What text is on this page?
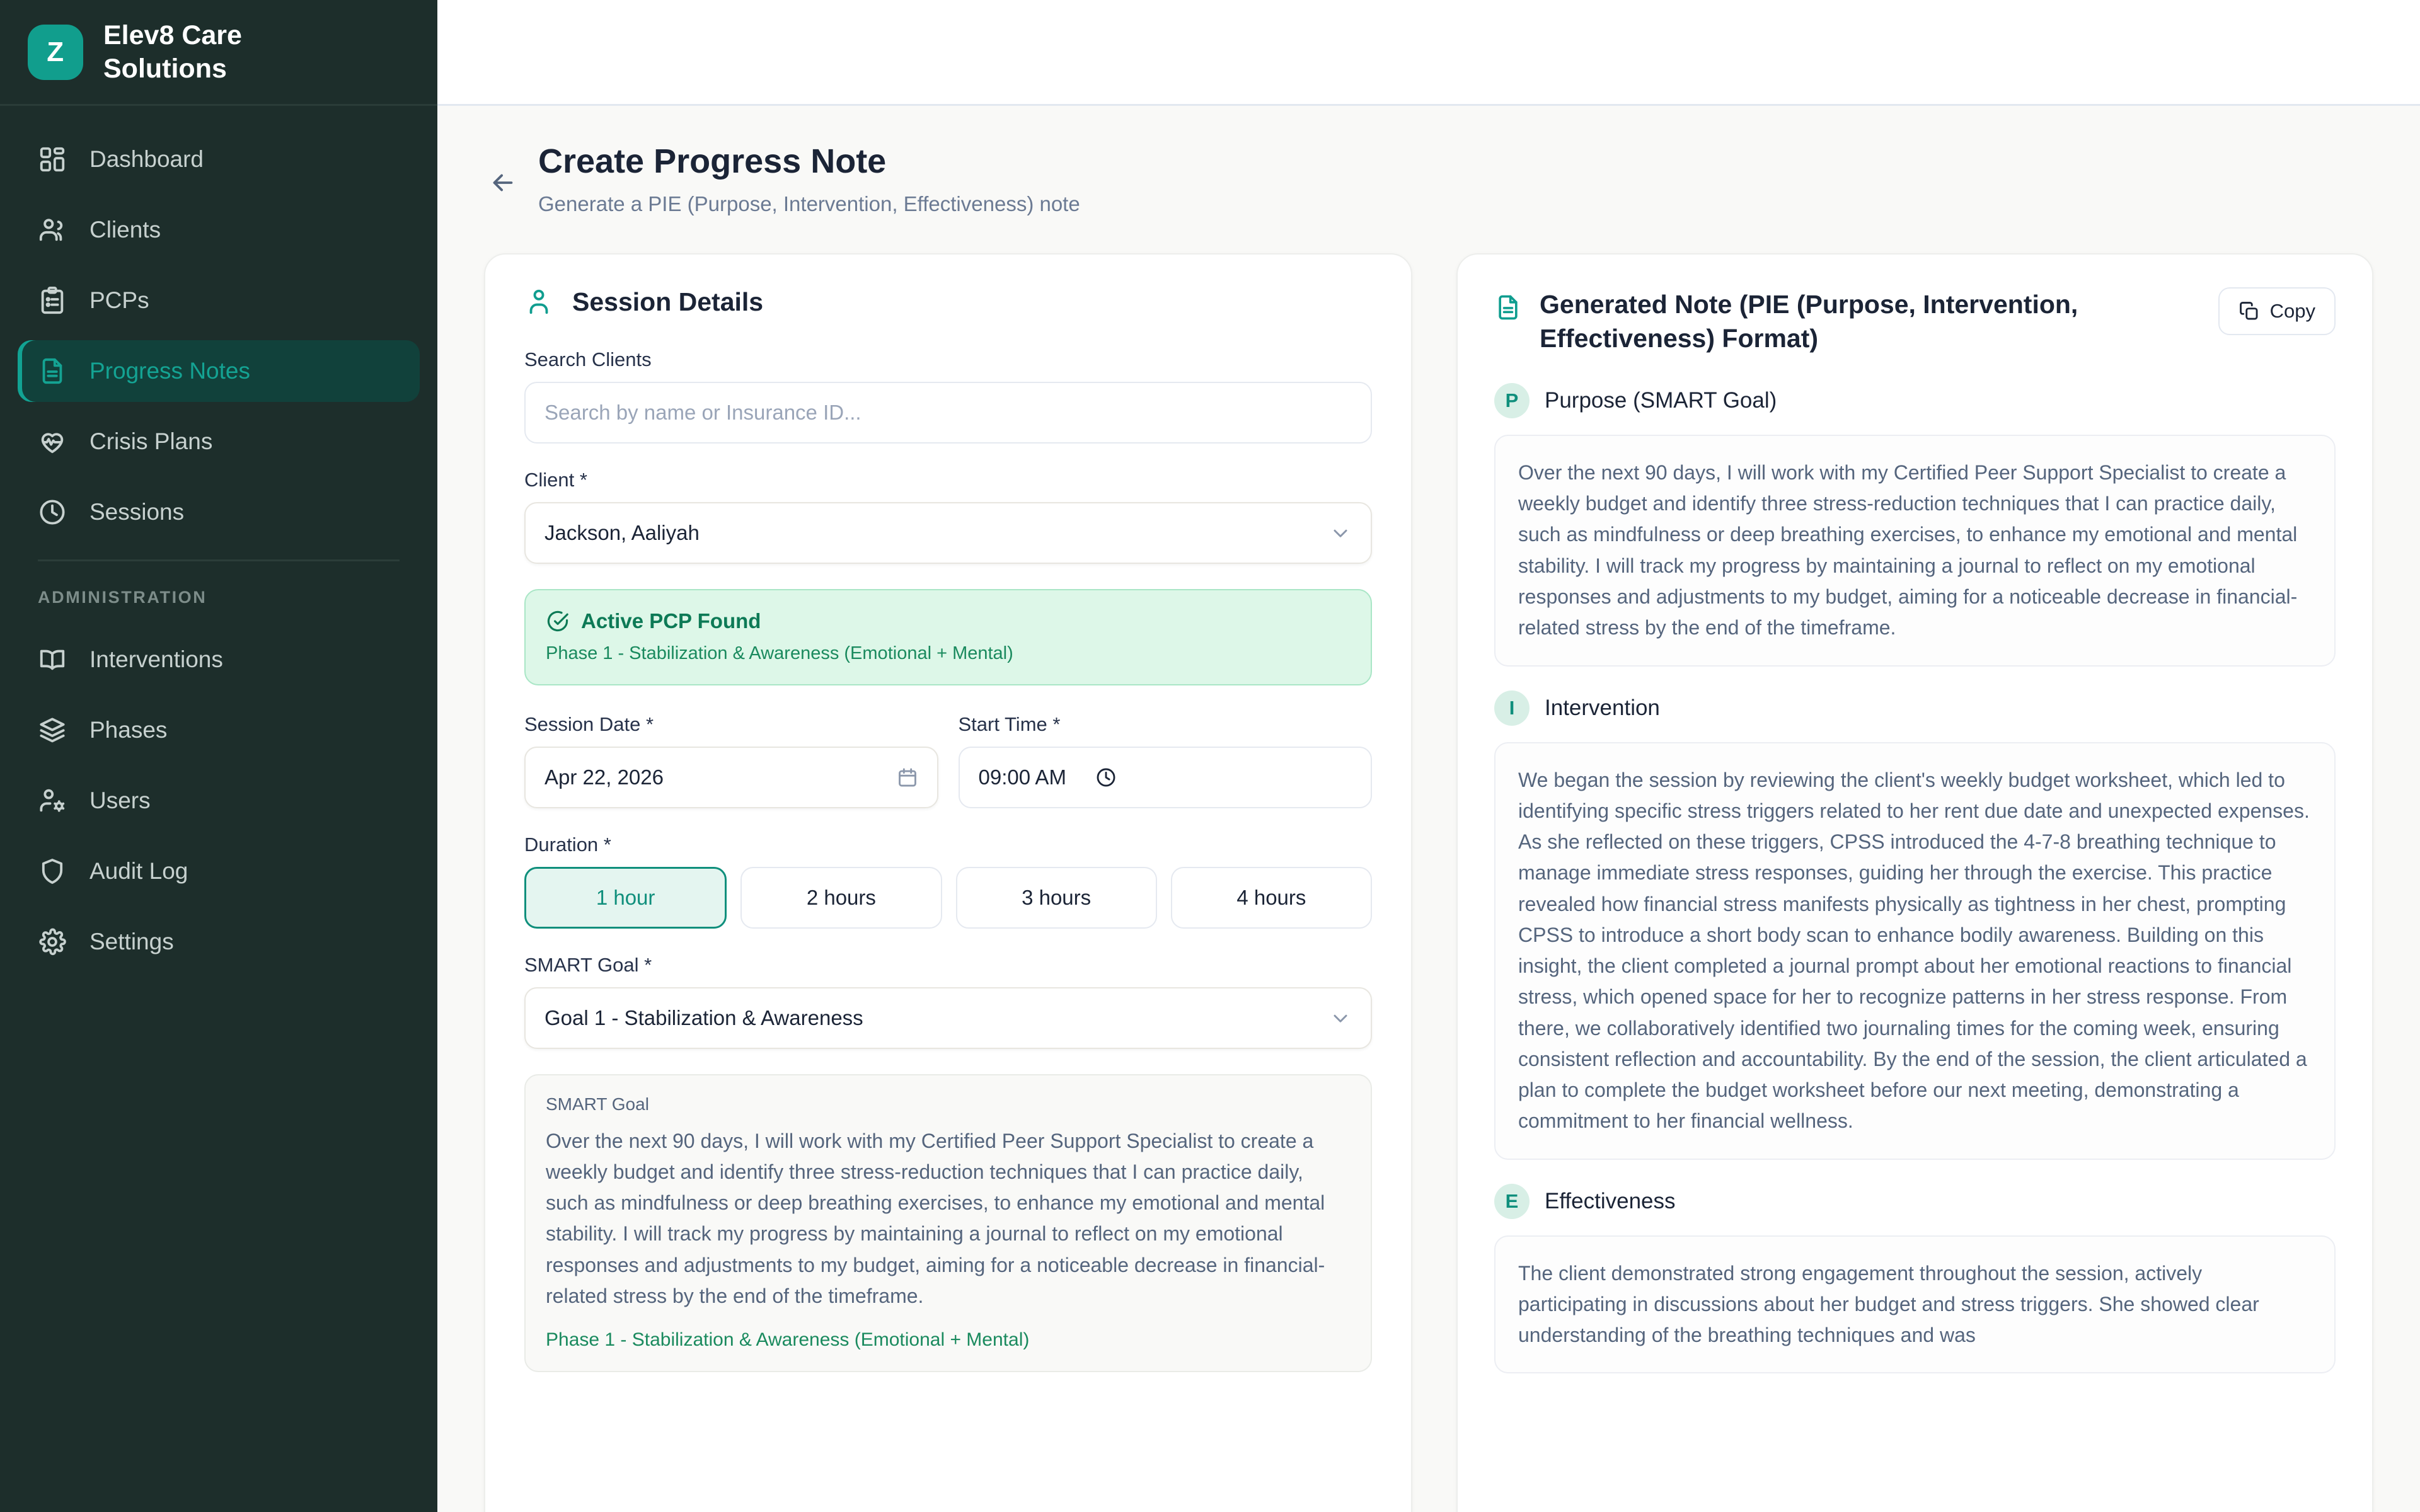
Z
Elev8 Care Solutions
Dashboard
Clients
PCPs
Progress Notes
Crisis Plans
Sessions
ADMINISTRATION
Interventions
Phases
Users
Audit Log
Settings
Create Progress Note
Generate a PIE (Purpose, Intervention, Effectiveness) note
Session Details
Search Clients
Search by name or Insurance ID...
Client *
Jackson, Aaliyah
Active PCP Found
Phase 1 - Stabilization & Awareness (Emotional + Mental)
Session Date *
Apr 22, 2026
Start Time *
09:00 AM
Duration *
1 hour	2 hours	3 hours	4 hours
SMART Goal *
Goal 1 - Stabilization & Awareness
SMART Goal
Over the next 90 days, I will work with my Certified Peer Support Specialist to create a weekly budget and identify three stress-reduction techniques that I can practice daily, such as mindfulness or deep breathing exercises, to enhance my emotional and mental stability. I will track my progress by maintaining a journal to reflect on my emotional responses and adjustments to my budget, aiming for a noticeable decrease in financial-related stress by the end of the timeframe.
Phase 1 - Stabilization & Awareness (Emotional + Mental)
Generated Note (PIE (Purpose, Intervention, Effectiveness) Format)
Copy
P	Purpose (SMART Goal)
Over the next 90 days, I will work with my Certified Peer Support Specialist to create a weekly budget and identify three stress-reduction techniques that I can practice daily, such as mindfulness or deep breathing exercises, to enhance my emotional and mental stability. I will track my progress by maintaining a journal to reflect on my emotional responses and adjustments to my budget, aiming for a noticeable decrease in financial-related stress by the end of the timeframe.
I	Intervention
We began the session by reviewing the client's weekly budget worksheet, which led to identifying specific stress triggers related to her rent due date and unexpected expenses. As she reflected on these triggers, CPSS introduced the 4-7-8 breathing technique to manage immediate stress responses, guiding her through the exercise. This practice revealed how financial stress manifests physically as tightness in her chest, prompting CPSS to introduce a short body scan to enhance bodily awareness. Building on this insight, the client completed a journal prompt about her emotional reactions to financial stress, which opened space for her to recognize patterns in her stress response. From there, we collaboratively identified two journaling times for the coming week, ensuring consistent reflection and accountability. By the end of the session, the client articulated a plan to complete the budget worksheet before our next meeting, demonstrating a commitment to her financial wellness.
E	Effectiveness
The client demonstrated strong engagement throughout the session, actively participating in discussions about her budget and stress triggers. She showed clear understanding of the breathing techniques and was
